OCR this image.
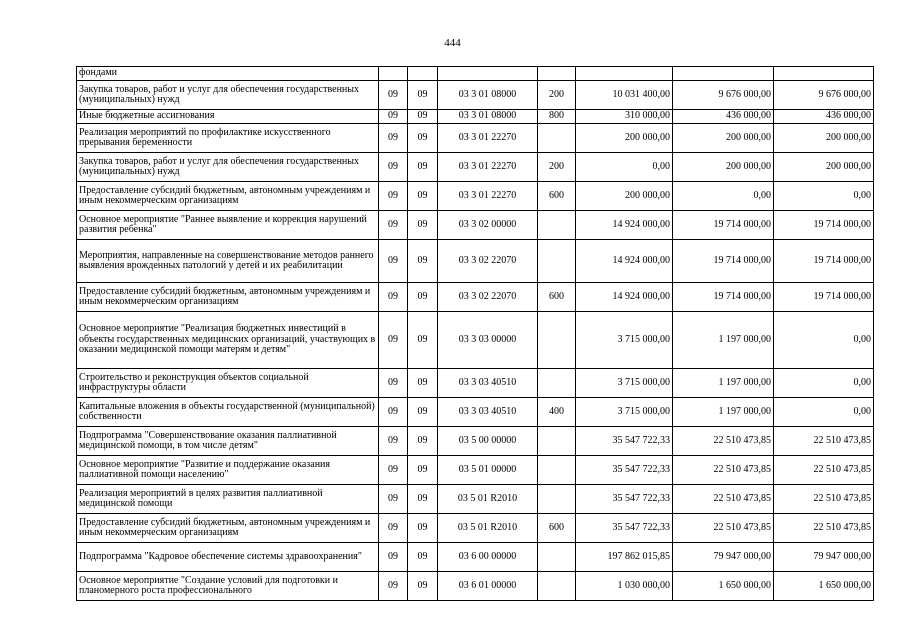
444
фондами							
Закупка товаров, работ и услуг для обеспечения государственных (муниципальных) нужд	09	09	03 3 01 08000	200	10 031 400,00	9 676 000,00	9 676 000,00
Иные бюджетные ассигнования	09	09	03 3 01 08000	800	310 000,00	436 000,00	436 000,00
Реализация мероприятий по профилактике искусственного прерывания беременности	09	09	03 3 01 22270		200 000,00	200 000,00	200 000,00
Закупка товаров, работ и услуг для обеспечения государственных (муниципальных) нужд	09	09	03 3 01 22270	200	0,00	200 000,00	200 000,00
Предоставление субсидий бюджетным, автономным учреждениям и иным некоммерческим организациям	09	09	03 3 01 22270	600	200 000,00	0,00	0,00
Основное мероприятие "Раннее выявление и коррекция нарушений развития ребенка"	09	09	03 3 02 00000		14 924 000,00	19 714 000,00	19 714 000,00
Мероприятия, направленные на совершенствование методов раннего выявления врожденных патологий у детей и их реабилитации	09	09	03 3 02 22070		14 924 000,00	19 714 000,00	19 714 000,00
Предоставление субсидий бюджетным, автономным учреждениям и иным некоммерческим организациям	09	09	03 3 02 22070	600	14 924 000,00	19 714 000,00	19 714 000,00
Основное мероприятие "Реализация бюджетных инвестиций в объекты государственных медицинских организаций, участвующих в оказании медицинской помощи матерям и детям"	09	09	03 3 03 00000		3 715 000,00	1 197 000,00	0,00
Строительство и реконструкция объектов социальной инфраструктуры области	09	09	03 3 03 40510		3 715 000,00	1 197 000,00	0,00
Капитальные вложения в объекты государственной (муниципальной) собственности	09	09	03 3 03 40510	400	3 715 000,00	1 197 000,00	0,00
Подпрограмма "Совершенствование оказания паллиативной медицинской помощи, в том числе детям"	09	09	03 5 00 00000		35 547 722,33	22 510 473,85	22 510 473,85
Основное мероприятие "Развитие и поддержание оказания паллиативной помощи населению"	09	09	03 5 01 00000		35 547 722,33	22 510 473,85	22 510 473,85
Реализация мероприятий в целях развития паллиативной медицинской помощи	09	09	03 5 01 R2010		35 547 722,33	22 510 473,85	22 510 473,85
Предоставление субсидий бюджетным, автономным учреждениям и иным некоммерческим организациям	09	09	03 5 01 R2010	600	35 547 722,33	22 510 473,85	22 510 473,85
Подпрограмма "Кадровое обеспечение системы здравоохранения"	09	09	03 6 00 00000		197 862 015,85	79 947 000,00	79 947 000,00
Основное мероприятие "Создание условий для подготовки и планомерного роста профессионального	09	09	03 6 01 00000		1 030 000,00	1 650 000,00	1 650 000,00
